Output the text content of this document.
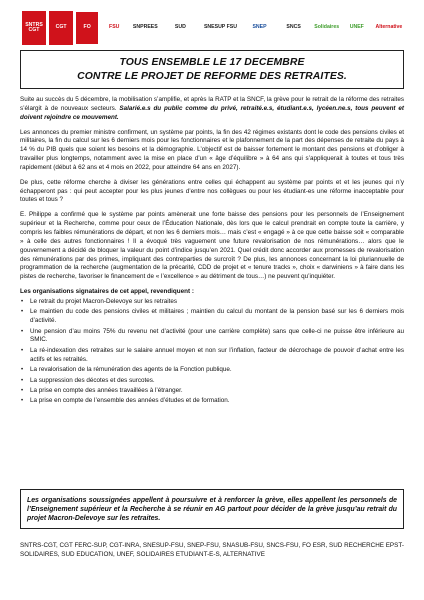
SNTRS CGT	CGT	FO	FSU	SNPREES	SUD	SNESUP FSU	SNEP	SNCS	Solidaires	UNEF	Alternative
TOUS ENSEMBLE LE 17 DECEMBRE
CONTRE LE PROJET DE REFORME DES RETRAITES.

Suite au succès du 5 décembre, la mobilisation s’amplifie, et après la RATP et la SNCF, la grève pour le retrait de la réforme des retraites s’élargit à de nouveaux secteurs. Salarié.e.s du public comme du privé, retraité.e.s, étudiant.e.s, lycéen.ne.s, tous peuvent et doivent rejoindre ce mouvement.

Les annonces du premier ministre confirment, un système par points, la fin des 42 régimes existants dont le code des pensions civiles et militaires, la fin du calcul sur les 6 derniers mois pour les fonctionnaires et le plafonnement de la part des dépenses de retraite du pays à 14 % du PIB quels que soient les besoins et la démographie. L’objectif est de baisser fortement le montant des pensions et d’obliger à travailler plus longtemps, notamment avec la mise en place d’un « âge d’équilibre » à 64 ans qui s’appliquerait à toutes et tous très rapidement (début à 62 ans et 4 mois en 2022, pour atteindre 64 ans en 2027).

De plus, cette réforme cherche à diviser les générations entre celles qui échappent au système par points et et les jeunes qui n’y échapperont pas : qui peut accepter pour les plus jeunes d’entre nos collègues ou pour les étudiant-es une réforme inacceptable pour toutes et tous ?

E. Philippe a confirmé que le système par points amènerait une forte baisse des pensions pour les personnels de l’Enseignement supérieur et la Recherche, comme pour ceux de l’Éducation Nationale, dès lors que le calcul prendrait en compte toute la carrière, y compris les faibles rémunérations de départ, et non les 6 derniers mois… mais c’est « engagé » à ce que cette baisse soit « comparable » à celle des autres fonctionnaires ! Il a évoqué très vaguement une future revalorisation de nos rémunérations… alors que le gouvernement a décidé de bloquer la valeur du point d’indice jusqu’en 2021. Quel crédit donc accorder aux promesses de revalorisation des rémunérations par des primes, impliquant des contreparties de surcroît ? De plus, les annonces concernant la loi pluriannuelle de programmation de la recherche (augmentation de la précarité, CDD de projet et « tenure tracks », choix « darwiniens » à faire dans les pistes de recherche, favoriser le financement de « l’excellence » au détriment de tous…) ne peuvent qu’inquiéter.

Les organisations signataires de cet appel, revendiquent :
• Le retrait du projet Macron-Delevoye sur les retraites
• Le maintien du code des pensions civiles et militaires ; maintien du calcul du montant de la pension basé sur les 6 derniers mois d’activité.
• Une pension d’au moins 75% du revenu net d’activité (pour une carrière complète) sans que celle-ci ne puisse être inférieure au SMIC.
• La ré-indexation des retraites sur le salaire annuel moyen et non sur l’inflation, facteur de décrochage de pouvoir d’achat entre les actifs et les retraités.
• La revalorisation de la rémunération des agents de la Fonction publique.
• La suppression des décotes et des surcotes.
• La prise en compte des années travaillées à l’étranger.
• La prise en compte de l’ensemble des années d’études et de formation.
Les organisations soussignées appellent à poursuivre et à renforcer la grève, elles appellent les personnels de l’Enseignement supérieur et la Recherche à se réunir en AG partout pour décider de la grève jusqu’au retrait du projet Macron-Delevoye sur les retraites.
SNTRS-CGT, CGT FERC-SUP, CGT-INRA, SNESUP-FSU, SNEP-FSU, SNASUB-FSU, SNCS-FSU, FO ESR, SUD RECHERCHE EPST-SOLIDAIRES, SUD EDUCATION, UNEF, SOLIDAIRES ETUDIANT-E-S, ALTERNATIVE
